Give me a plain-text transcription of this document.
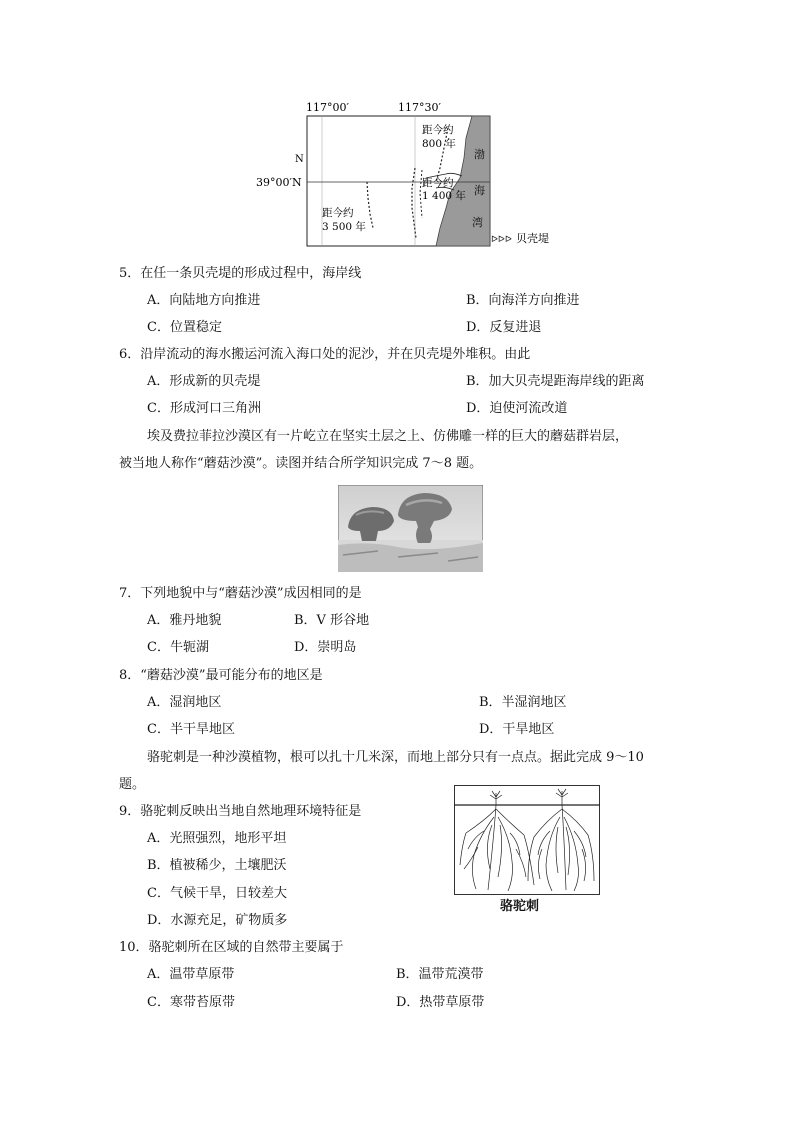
117°00′	117°30′
39°00′N
N
距今约
800 年
距今约
1 400 年
距今约
3 500 年
渤
海
湾
ᐅᐅᐅ 贝壳堤
5．在任一条贝壳堤的形成过程中，海岸线
A．向陆地方向推进	B．向海洋方向推进
C．位置稳定	D．反复进退
6．沿岸流动的海水搬运河流入海口处的泥沙，并在贝壳堤外堆积。由此
A．形成新的贝壳堤	B．加大贝壳堤距海岸线的距离
C．形成河口三角洲	D．迫使河流改道
埃及费拉菲拉沙漠区有一片屹立在坚实土层之上、仿佛雕一样的巨大的蘑菇群岩层，
被当地人称作“蘑菇沙漠”。读图并结合所学知识完成 7～8 题。
7．下列地貌中与“蘑菇沙漠”成因相同的是
A．雅丹地貌	B．V 形谷地
C．牛轭湖	D．崇明岛
8．“蘑菇沙漠”最可能分布的地区是
A．湿润地区	B．半湿润地区
C．半干旱地区	D．干旱地区
骆驼刺是一种沙漠植物，根可以扎十几米深，而地上部分只有一点点。据此完成 9～10
题。
9．骆驼刺反映出当地自然地理环境特征是
A．光照强烈，地形平坦
B．植被稀少，土壤肥沃
C．气候干旱，日较差大
D．水源充足，矿物质多
骆驼刺
10．骆驼刺所在区域的自然带主要属于
A．温带草原带	B．温带荒漠带
C．寒带苔原带	D．热带草原带
